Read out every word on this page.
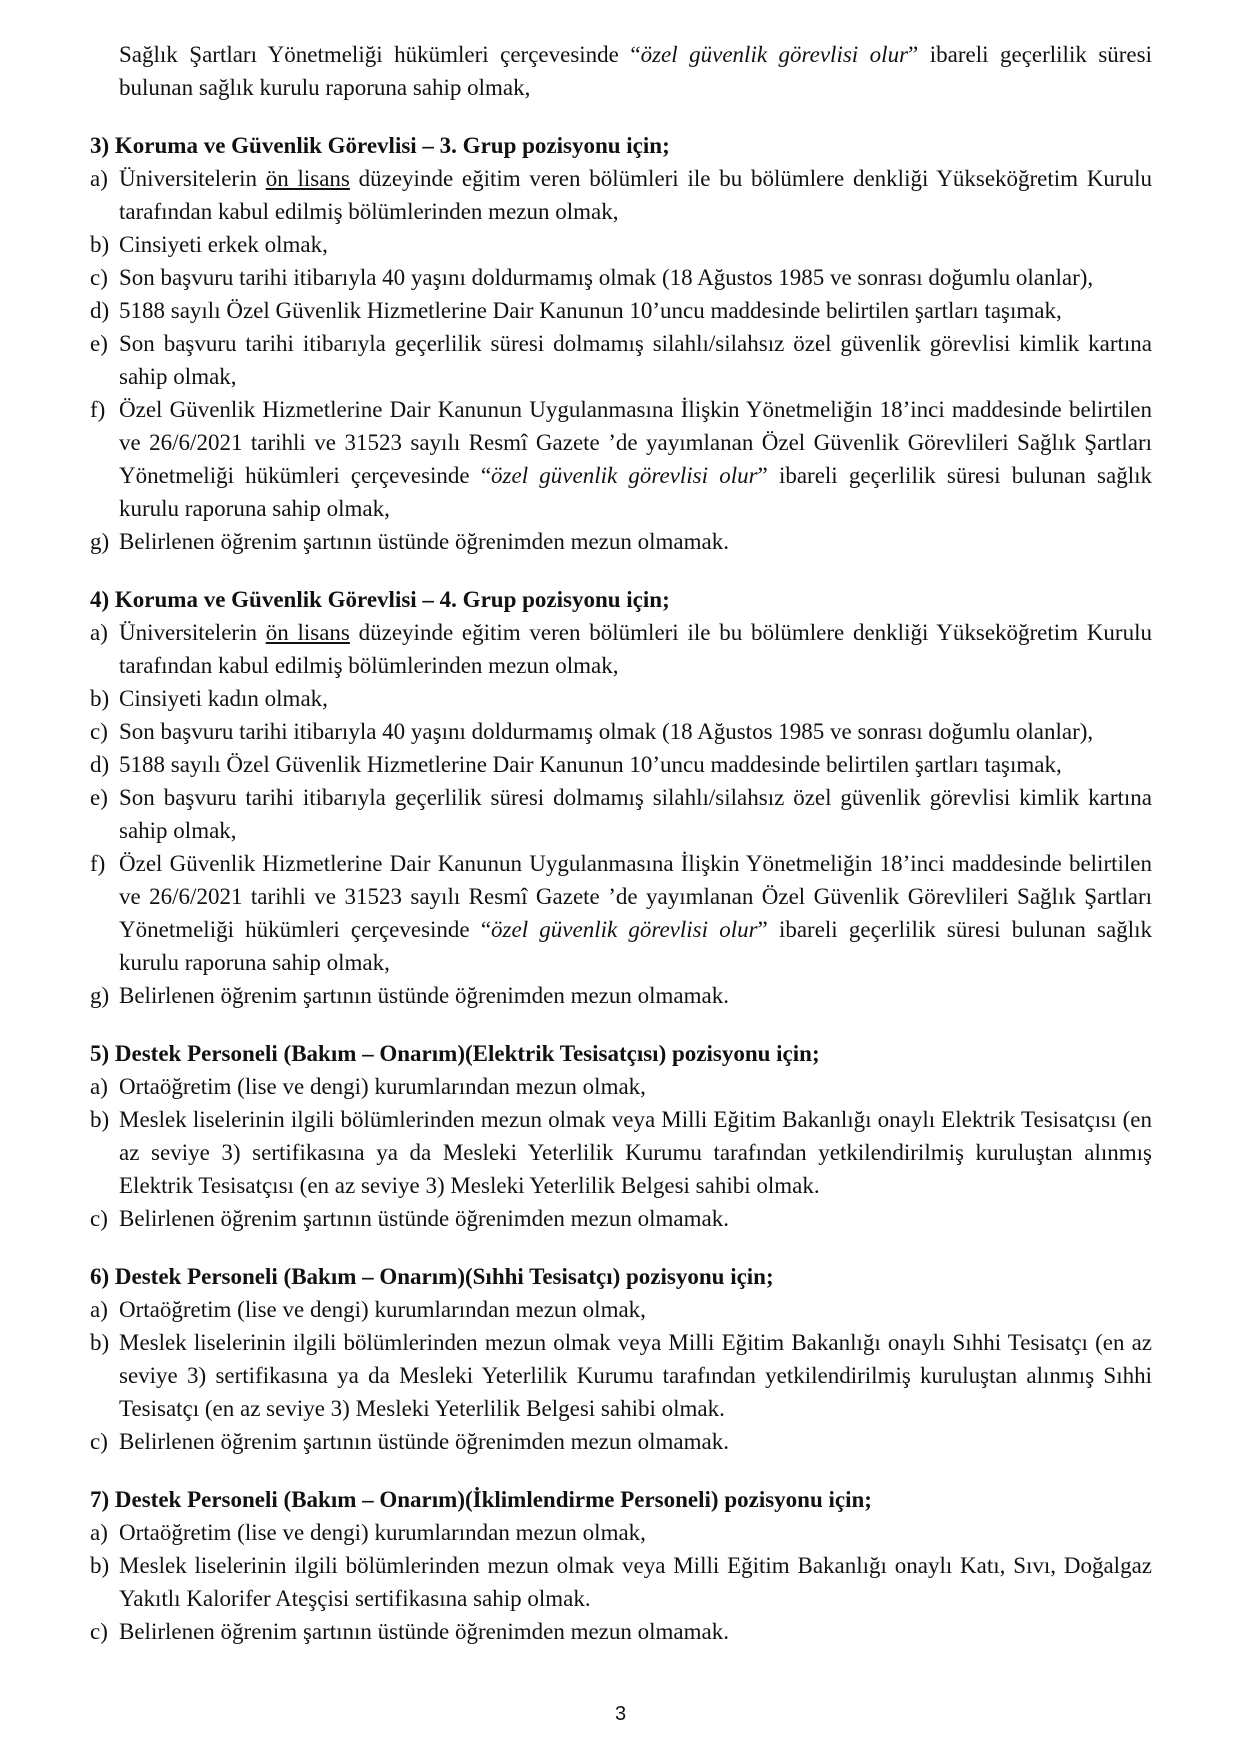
Sağlık Şartları Yönetmeliği hükümleri çerçevesinde “özel güvenlik görevlisi olur” ibareli geçerlilik süresi bulunan sağlık kurulu raporuna sahip olmak,
3) Koruma ve Güvenlik Görevlisi – 3. Grup pozisyonu için;
a) Üniversitelerin ön lisans düzeyinde eğitim veren bölümleri ile bu bölümlere denkliği Yükseköğretim Kurulu tarafından kabul edilmiş bölümlerinden mezun olmak,
b) Cinsiyeti erkek olmak,
c) Son başvuru tarihi itibarıyla 40 yaşını doldurmamış olmak (18 Ağustos 1985 ve sonrası doğumlu olanlar),
d) 5188 sayılı Özel Güvenlik Hizmetlerine Dair Kanunun 10’uncu maddesinde belirtilen şartları taşımak,
e) Son başvuru tarihi itibarıyla geçerlilik süresi dolmamış silahlı/silahsız özel güvenlik görevlisi kimlik kartına sahip olmak,
f) Özel Güvenlik Hizmetlerine Dair Kanunun Uygulanmasına İlişkin Yönetmeliğin 18’inci maddesinde belirtilen ve 26/6/2021 tarihli ve 31523 sayılı Resmî Gazete ’de yayımlanan Özel Güvenlik Görevlileri Sağlık Şartları Yönetmeliği hükümleri çerçevesinde “özel güvenlik görevlisi olur” ibareli geçerlilik süresi bulunan sağlık kurulu raporuna sahip olmak,
g) Belirlenen öğrenim şartının üstünde öğrenimden mezun olmamak.
4) Koruma ve Güvenlik Görevlisi – 4. Grup pozisyonu için;
a) Üniversitelerin ön lisans düzeyinde eğitim veren bölümleri ile bu bölümlere denkliği Yükseköğretim Kurulu tarafından kabul edilmiş bölümlerinden mezun olmak,
b) Cinsiyeti kadın olmak,
c) Son başvuru tarihi itibarıyla 40 yaşını doldurmamış olmak (18 Ağustos 1985 ve sonrası doğumlu olanlar),
d) 5188 sayılı Özel Güvenlik Hizmetlerine Dair Kanunun 10’uncu maddesinde belirtilen şartları taşımak,
e) Son başvuru tarihi itibarıyla geçerlilik süresi dolmamış silahlı/silahsız özel güvenlik görevlisi kimlik kartına sahip olmak,
f) Özel Güvenlik Hizmetlerine Dair Kanunun Uygulanmasına İlişkin Yönetmeliğin 18’inci maddesinde belirtilen ve 26/6/2021 tarihli ve 31523 sayılı Resmî Gazete ’de yayımlanan Özel Güvenlik Görevlileri Sağlık Şartları Yönetmeliği hükümleri çerçevesinde “özel güvenlik görevlisi olur” ibareli geçerlilik süresi bulunan sağlık kurulu raporuna sahip olmak,
g) Belirlenen öğrenim şartının üstünde öğrenimden mezun olmamak.
5) Destek Personeli (Bakım – Onarım)(Elektrik Tesisatçısı) pozisyonu için;
a) Ortaöğretim (lise ve dengi) kurumlarından mezun olmak,
b) Meslek liselerinin ilgili bölümlerinden mezun olmak veya Milli Eğitim Bakanlığı onaylı Elektrik Tesisatçısı (en az seviye 3) sertifikasına ya da Mesleki Yeterlilik Kurumu tarafından yetkilendirilmiş kuruluştan alınmış Elektrik Tesisatçısı (en az seviye 3) Mesleki Yeterlilik Belgesi sahibi olmak.
c) Belirlenen öğrenim şartının üstünde öğrenimden mezun olmamak.
6) Destek Personeli (Bakım – Onarım)(Sıhhi Tesisatçı) pozisyonu için;
a) Ortaöğretim (lise ve dengi) kurumlarından mezun olmak,
b) Meslek liselerinin ilgili bölümlerinden mezun olmak veya Milli Eğitim Bakanlığı onaylı Sıhhi Tesisatçı (en az seviye 3) sertifikasına ya da Mesleki Yeterlilik Kurumu tarafından yetkilendirilmiş kuruluştan alınmış Sıhhi Tesisatçı (en az seviye 3) Mesleki Yeterlilik Belgesi sahibi olmak.
c) Belirlenen öğrenim şartının üstünde öğrenimden mezun olmamak.
7) Destek Personeli (Bakım – Onarım)(İklimlendirme Personeli) pozisyonu için;
a) Ortaöğretim (lise ve dengi) kurumlarından mezun olmak,
b) Meslek liselerinin ilgili bölümlerinden mezun olmak veya Milli Eğitim Bakanlığı onaylı Katı, Sıvı, Doğalgaz Yakıtlı Kalorifer Ateşçisi sertifikasına sahip olmak.
c) Belirlenen öğrenim şartının üstünde öğrenimden mezun olmamak.
3
